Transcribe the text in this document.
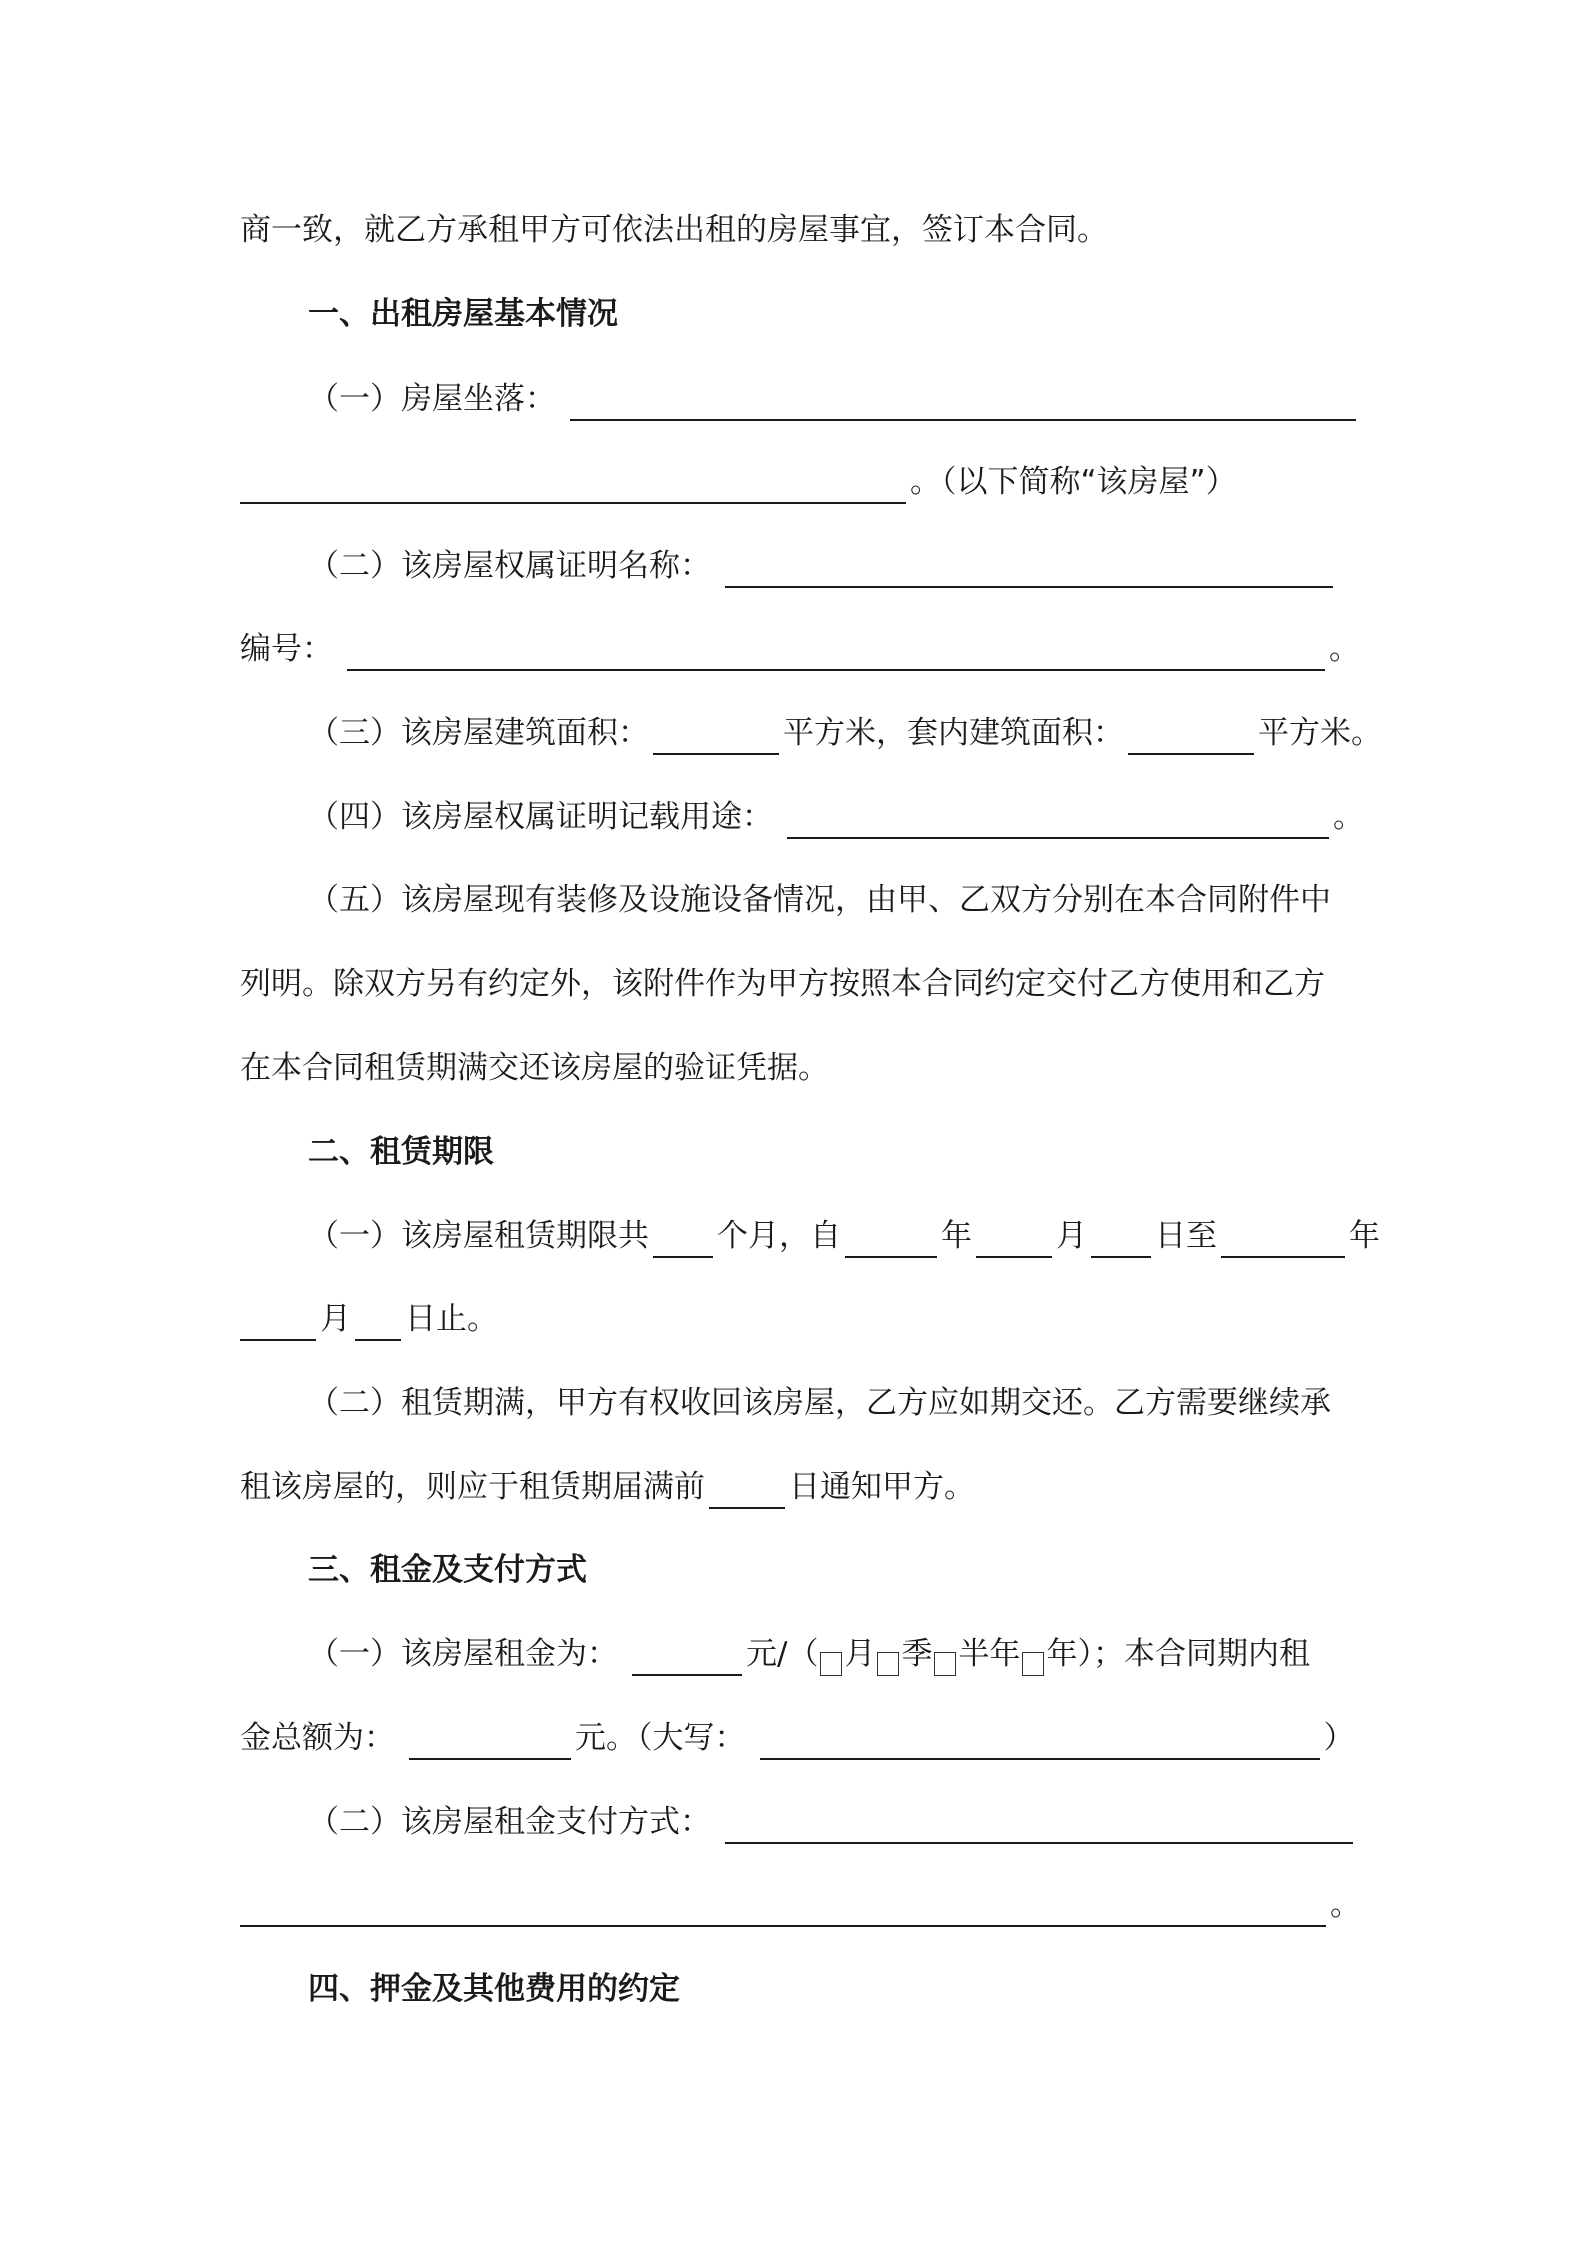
商一致，就乙方承租甲方可依法出租的房屋事宜，签订本合同。
一、出租房屋基本情况
（一）房屋坐落：
。（以下简称“该房屋”）
（二）该房屋权属证明名称：
编号：	。
（三）该房屋建筑面积：	平方米，套内建筑面积：	平方米。
（四）该房屋权属证明记载用途：	。
（五）该房屋现有装修及设施设备情况，由甲、乙双方分别在本合同附件中
列明。除双方另有约定外，该附件作为甲方按照本合同约定交付乙方使用和乙方
在本合同租赁期满交还该房屋的验证凭据。
二、租赁期限
（一）该房屋租赁期限共 个月，自	年	月 日至	年
月 日止。
（二）租赁期满，甲方有权收回该房屋，乙方应如期交还。乙方需要继续承
租该房屋的，则应于租赁期届满前	日通知甲方。
三、租金及支付方式
（一）该房屋租金为：	元/（ 月 季 半年 年 ）；本合同期内租
金总额为：	元。（大写：	）
（二）该房屋租金支付方式：
。
四、押金及其他费用的约定
